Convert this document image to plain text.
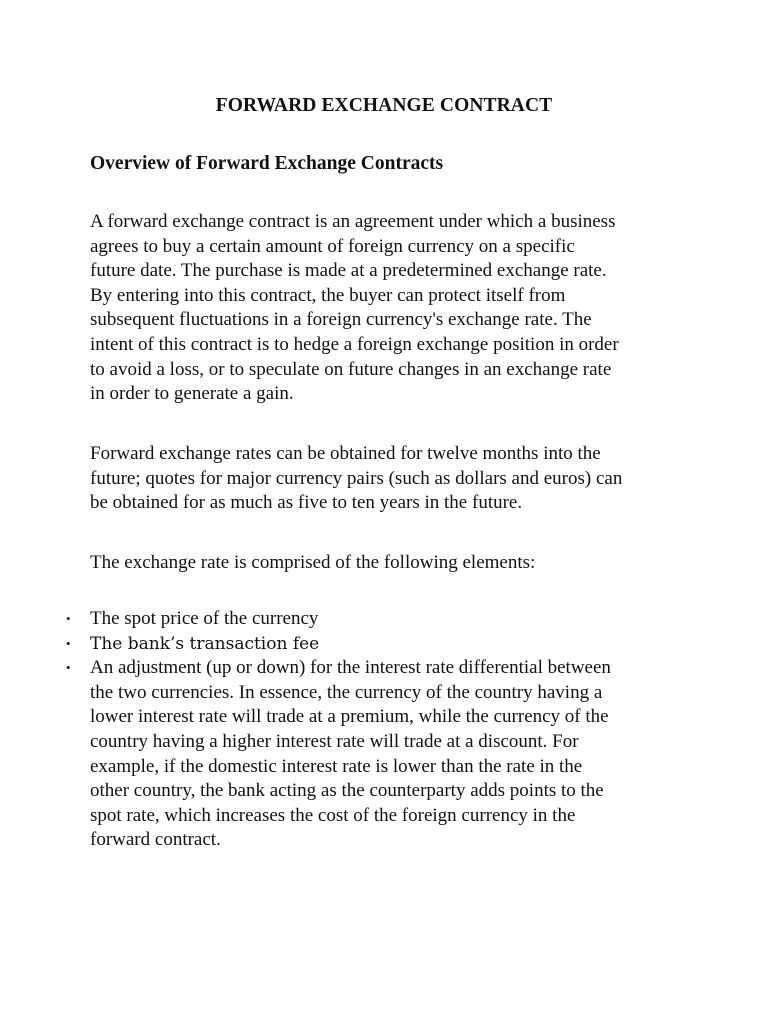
FORWARD EXCHANGE CONTRACT
Overview of Forward Exchange Contracts

A forward exchange contract is an agreement under which a business
agrees to buy a certain amount of foreign currency on a specific
future date. The purchase is made at a predetermined exchange rate.
By entering into this contract, the buyer can protect itself from
subsequent fluctuations in a foreign currency's exchange rate. The
intent of this contract is to hedge a foreign exchange position in order
to avoid a loss, or to speculate on future changes in an exchange rate
in order to generate a gain.

Forward exchange rates can be obtained for twelve months into the
future; quotes for major currency pairs (such as dollars and euros) can
be obtained for as much as five to ten years in the future.

The exchange rate is comprised of the following elements:

• The spot price of the currency
• The bank’s transaction fee
• An adjustment (up or down) for the interest rate differential between
the two currencies. In essence, the currency of the country having a
lower interest rate will trade at a premium, while the currency of the
country having a higher interest rate will trade at a discount. For
example, if the domestic interest rate is lower than the rate in the
other country, the bank acting as the counterparty adds points to the
spot rate, which increases the cost of the foreign currency in the
forward contract.
